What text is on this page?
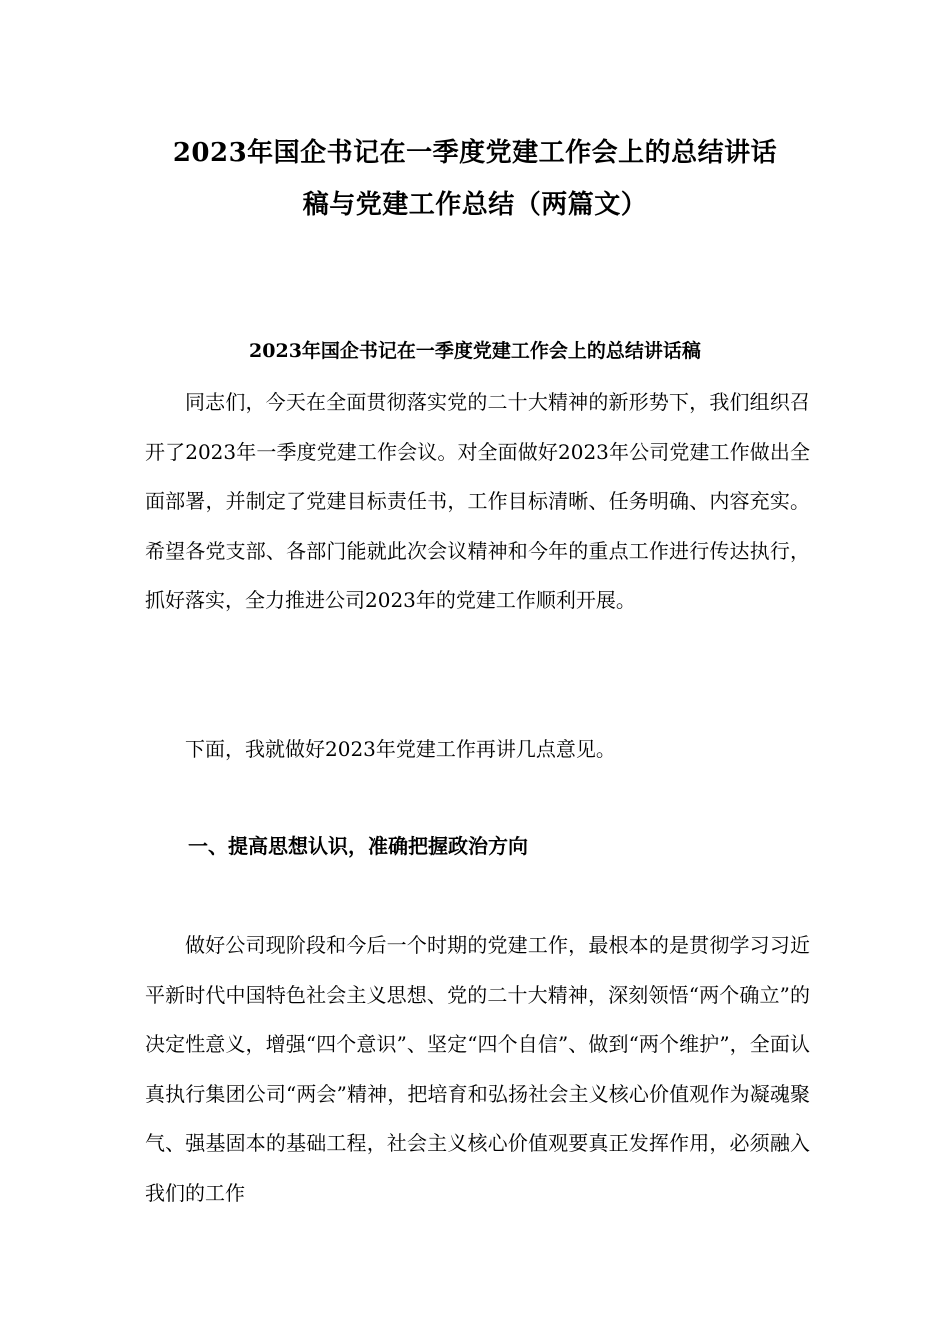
2023年国企书记在一季度党建工作会上的总结讲话
稿与党建工作总结（两篇文）
2023年国企书记在一季度党建工作会上的总结讲话稿

同志们，今天在全面贯彻落实党的二十大精神的新形势下，我们组织召开了2023年一季度党建工作会议。对全面做好2023年公司党建工作做出全面部署，并制定了党建目标责任书，工作目标清晰、任务明确、内容充实。希望各党支部、各部门能就此次会议精神和今年的重点工作进行传达执行，抓好落实，全力推进公司2023年的党建工作顺利开展。

下面，我就做好2023年党建工作再讲几点意见。

一、提高思想认识，准确把握政治方向

做好公司现阶段和今后一个时期的党建工作，最根本的是贯彻学习习近平新时代中国特色社会主义思想、党的二十大精神，深刻领悟“两个确立”的决定性意义，增强“四个意识”、坚定“四个自信”、做到“两个维护”，全面认真执行集团公司“两会”精神，把培育和弘扬社会主义核心价值观作为凝魂聚气、强基固本的基础工程，社会主义核心价值观要真正发挥作用，必须融入我们的工作
